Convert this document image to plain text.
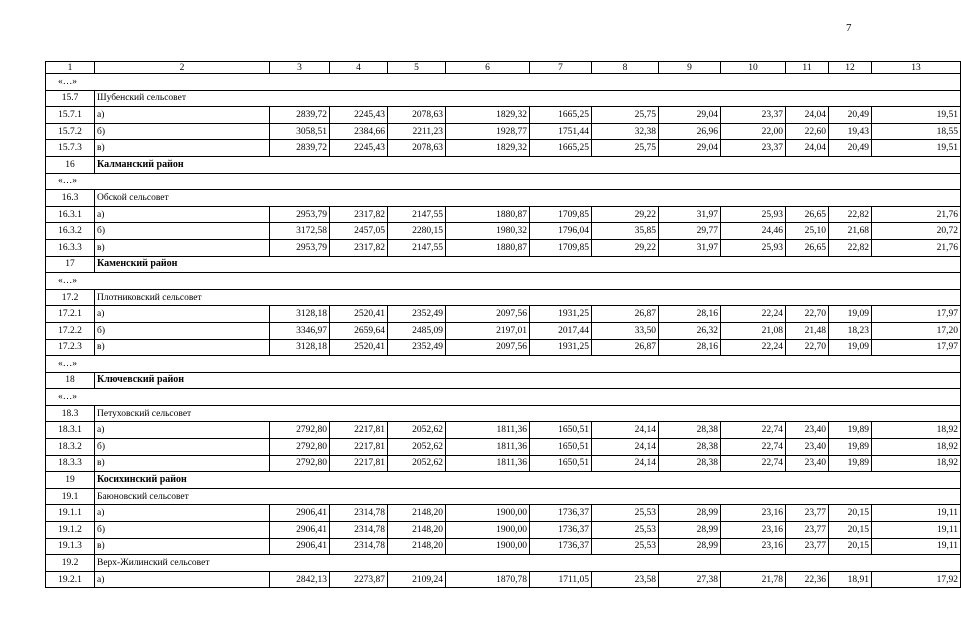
7
1	2	3	4	5	6	7	8	9	10	11	12	13
«…»												
15.7	Шубенский сельсовет											
15.7.1	а)	2839,72	2245,43	2078,63	1829,32	1665,25	25,75	29,04	23,37	24,04	20,49	19,51
15.7.2	б)	3058,51	2384,66	2211,23	1928,77	1751,44	32,38	26,96	22,00	22,60	19,43	18,55
15.7.3	в)	2839,72	2245,43	2078,63	1829,32	1665,25	25,75	29,04	23,37	24,04	20,49	19,51
16	Калманский район											
«…»												
16.3	Обской сельсовет											
16.3.1	а)	2953,79	2317,82	2147,55	1880,87	1709,85	29,22	31,97	25,93	26,65	22,82	21,76
16.3.2	б)	3172,58	2457,05	2280,15	1980,32	1796,04	35,85	29,77	24,46	25,10	21,68	20,72
16.3.3	в)	2953,79	2317,82	2147,55	1880,87	1709,85	29,22	31,97	25,93	26,65	22,82	21,76
17	Каменский район											
«…»												
17.2	Плотниковский сельсовет											
17.2.1	а)	3128,18	2520,41	2352,49	2097,56	1931,25	26,87	28,16	22,24	22,70	19,09	17,97
17.2.2	б)	3346,97	2659,64	2485,09	2197,01	2017,44	33,50	26,32	21,08	21,48	18,23	17,20
17.2.3	в)	3128,18	2520,41	2352,49	2097,56	1931,25	26,87	28,16	22,24	22,70	19,09	17,97
«…»												
18	Ключевский район											
«…»												
18.3	Петуховский сельсовет											
18.3.1	а)	2792,80	2217,81	2052,62	1811,36	1650,51	24,14	28,38	22,74	23,40	19,89	18,92
18.3.2	б)	2792,80	2217,81	2052,62	1811,36	1650,51	24,14	28,38	22,74	23,40	19,89	18,92
18.3.3	в)	2792,80	2217,81	2052,62	1811,36	1650,51	24,14	28,38	22,74	23,40	19,89	18,92
19	Косихинский район											
19.1	Баюновский сельсовет											
19.1.1	а)	2906,41	2314,78	2148,20	1900,00	1736,37	25,53	28,99	23,16	23,77	20,15	19,11
19.1.2	б)	2906,41	2314,78	2148,20	1900,00	1736,37	25,53	28,99	23,16	23,77	20,15	19,11
19.1.3	в)	2906,41	2314,78	2148,20	1900,00	1736,37	25,53	28,99	23,16	23,77	20,15	19,11
19.2	Верх-Жилинский сельсовет											
19.2.1	а)	2842,13	2273,87	2109,24	1870,78	1711,05	23,58	27,38	21,78	22,36	18,91	17,92
